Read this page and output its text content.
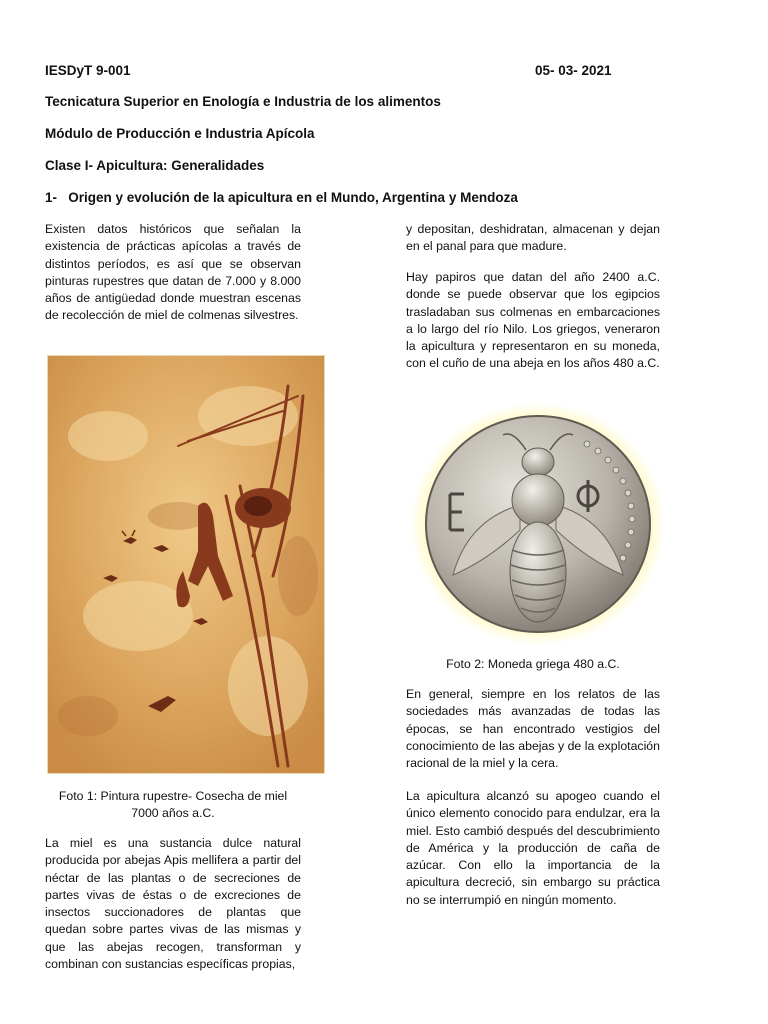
IESDyT 9-001	05- 03- 2021
Tecnicatura Superior en Enología e Industria de los alimentos
Módulo de Producción e Industria Apícola
Clase I- Apicultura: Generalidades
1-   Origen y evolución de la apicultura en el Mundo, Argentina y Mendoza

Existen datos históricos que señalan la existencia de prácticas apícolas a través de distintos períodos, es así que se observan pinturas rupestres que datan de 7.000 y 8.000 años de antigüedad donde muestran escenas de recolección de miel de colmenas silvestres.

Foto 1: Pintura rupestre- Cosecha de miel
7000 años a.C.

La miel es una sustancia dulce natural producida por abejas Apis mellifera a partir del néctar de las plantas o de secreciones de partes vivas de éstas o de excreciones de insectos succionadores de plantas que quedan sobre partes vivas de las mismas y que las abejas recogen, transforman y combinan con sustancias específicas propias,

y depositan, deshidratan, almacenan y dejan en el panal para que madure.

Hay papiros que datan del año 2400 a.C. donde se puede observar que los egipcios trasladaban sus colmenas en embarcaciones a lo largo del río Nilo. Los griegos, veneraron la apicultura y representaron en su moneda, con el cuño de una abeja en los años 480 a.C.

Foto 2: Moneda griega 480 a.C.

En general, siempre en los relatos de las sociedades más avanzadas de todas las épocas, se han encontrado vestigios del conocimiento de las abejas y de la explotación racional de la miel y la cera.

La apicultura alcanzó su apogeo cuando el único elemento conocido para endulzar, era la miel. Esto cambió después del descubrimiento de América y la producción de caña de azúcar. Con ello la importancia de la apicultura decreció, sin embargo su práctica no se interrumpió en ningún momento.
